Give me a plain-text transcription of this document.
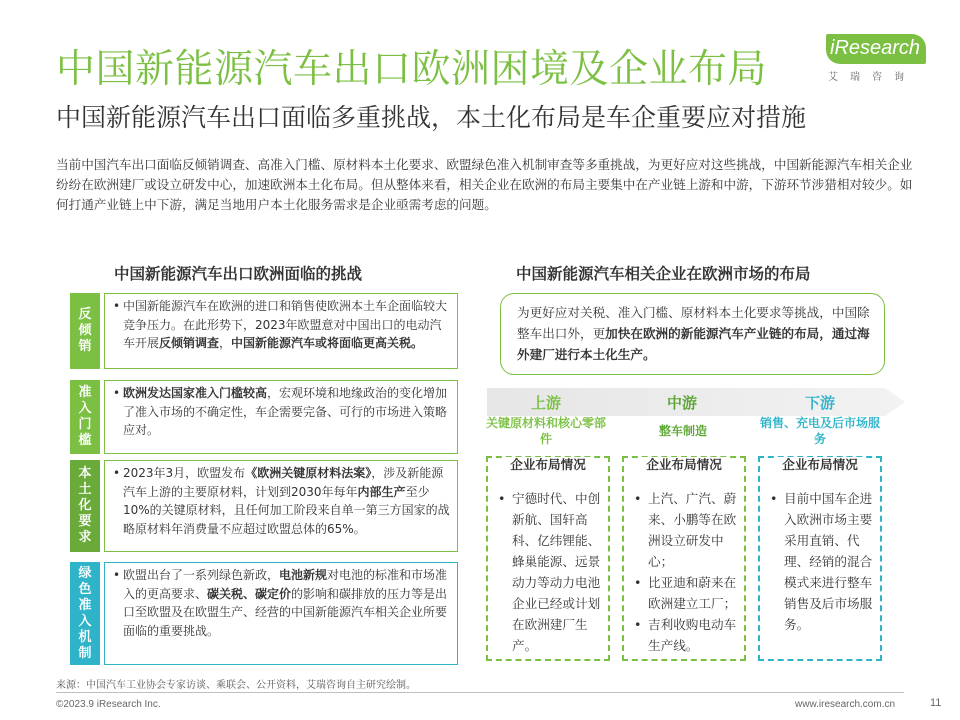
中国新能源汽车出口欧洲困境及企业布局	iResearch
艾瑞咨询
中国新能源汽车出口面临多重挑战，本土化布局是车企重要应对措施
当前中国汽车出口面临反倾销调查、高准入门槛、原材料本土化要求、欧盟绿色准入机制审查等多重挑战，为更好应对这些挑战，中国新能源汽车相关企业纷纷在欧洲建厂或设立研发中心，加速欧洲本土化布局。但从整体来看，相关企业在欧洲的布局主要集中在产业链上游和中游，下游环节涉猎相对较少。如何打通产业链上中下游，满足当地用户本土化服务需求是企业亟需考虑的问题。
中国新能源汽车出口欧洲面临的挑战	中国新能源汽车相关企业在欧洲市场的布局
反倾销
• 中国新能源汽车在欧洲的进口和销售使欧洲本土车企面临较大竞争压力。在此形势下，2023年欧盟意对中国出口的电动汽车开展反倾销调查，中国新能源汽车或将面临更高关税。
准入门槛
• 欧洲发达国家准入门槛较高，宏观环境和地缘政治的变化增加了准入市场的不确定性，车企需要完备、可行的市场进入策略应对。
本土化要求
• 2023年3月，欧盟发布《欧洲关键原材料法案》，涉及新能源汽车上游的主要原材料，计划到2030年每年内部生产至少10%的关键原材料，且任何加工阶段来自单一第三方国家的战略原材料年消费量不应超过欧盟总体的65%。
绿色准入机制
• 欧盟出台了一系列绿色新政，电池新规对电池的标准和市场准入的更高要求、碳关税、碳定价的影响和碳排放的压力等是出口至欧盟及在欧盟生产、经营的中国新能源汽车相关企业所要面临的重要挑战。
为更好应对关税、准入门槛、原材料本土化要求等挑战，中国除整车出口外，更加快在欧洲的新能源汽车产业链的布局，通过海外建厂进行本土化生产。
上游	中游	下游
关键原材料和核心零部件
整车制造
销售、充电及后市场服务
企业布局情况
• 宁德时代、中创新航、国轩高科、亿纬锂能、蜂巢能源、远景动力等动力电池企业已经或计划在欧洲建厂生产。
企业布局情况
• 上汽、广汽、蔚来、小鹏等在欧洲设立研发中心；
• 比亚迪和蔚来在欧洲建立工厂；
• 吉利收购电动车生产线。
企业布局情况
• 目前中国车企进入欧洲市场主要采用直销、代理、经销的混合模式来进行整车销售及后市场服务。
来源：中国汽车工业协会专家访谈、乘联会、公开资料，艾瑞咨询自主研究绘制。
©2023.9 iResearch Inc.	www.iresearch.com.cn	11
